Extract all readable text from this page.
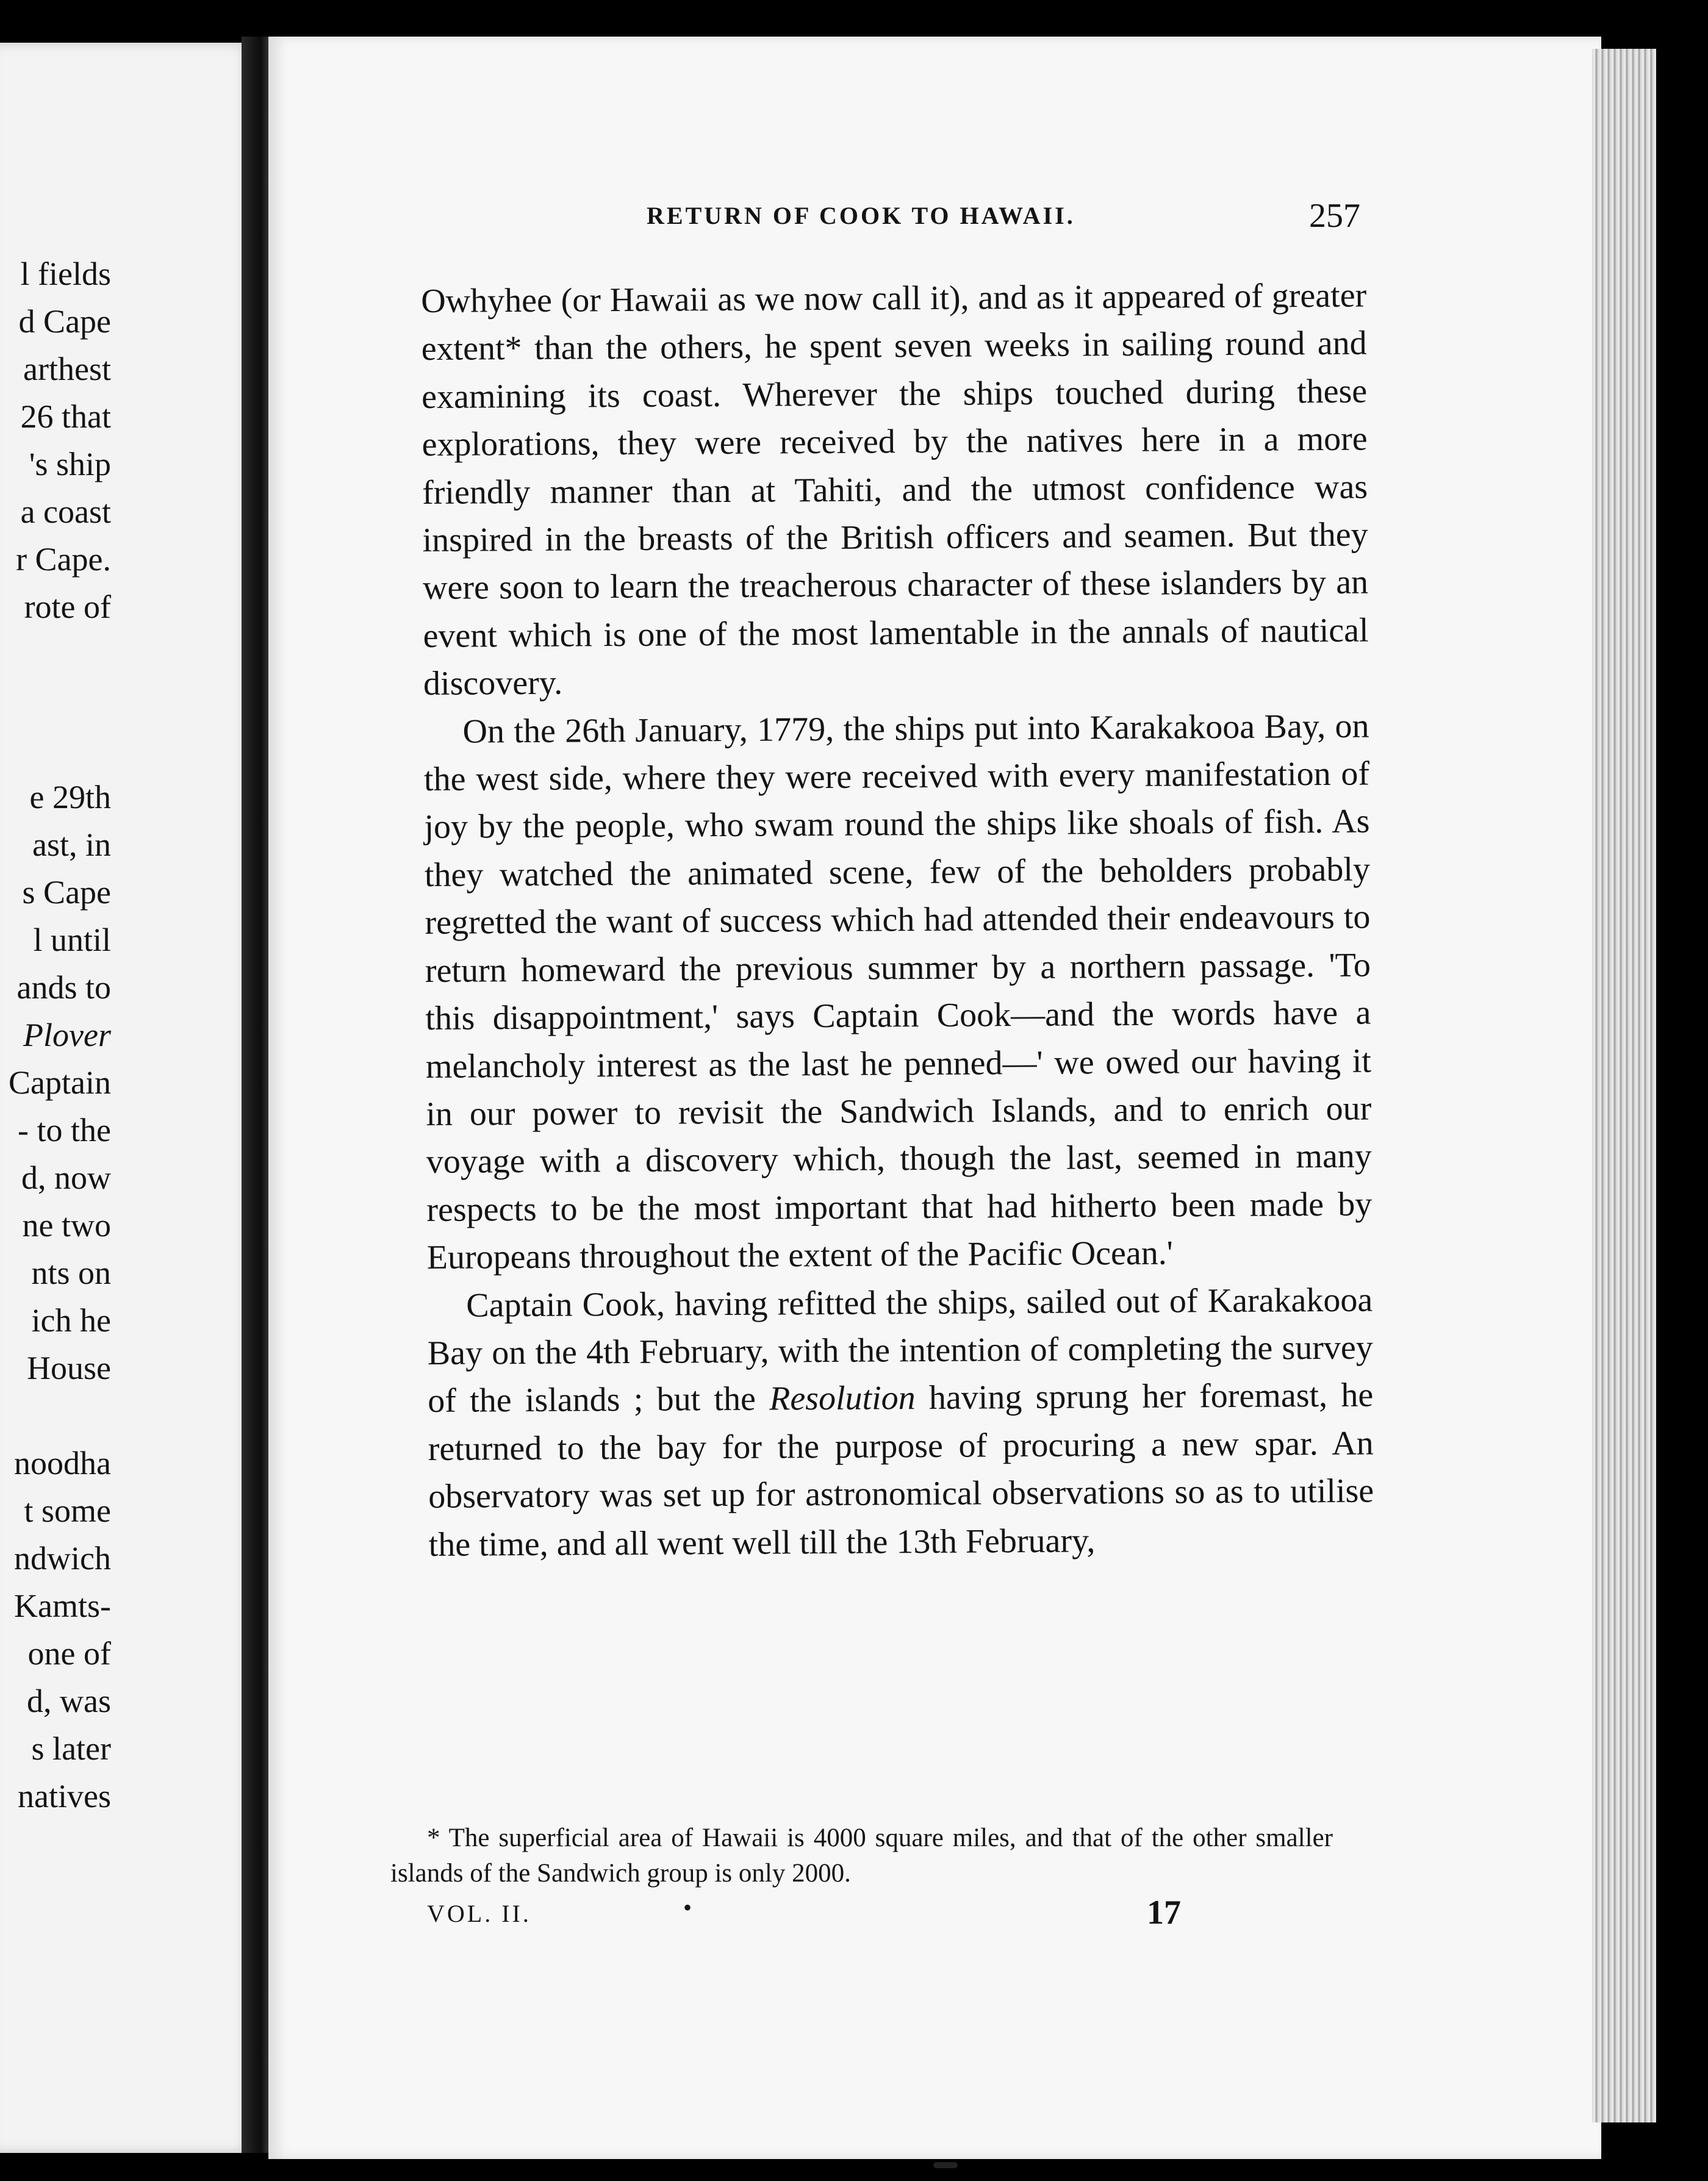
l fields
d Cape
arthest
26 that
's ship
a coast
r Cape.
rote of
e 29th
ast, in
s Cape
l until
ands to
Plover
Captain
- to the
d, now
ne two
nts on
ich he
House
noodha
t some
ndwich
Kamts-
one of
d, was
s later
natives
RETURN OF COOK TO HAWAII.	257

Owhyhee (or Hawaii as we now call it), and as it appeared of greater extent* than the others, he spent seven weeks in sailing round and examining its coast. Wherever the ships touched during these explorations, they were received by the natives here in a more friendly manner than at Tahiti, and the utmost confidence was inspired in the breasts of the British officers and seamen. But they were soon to learn the treacherous character of these islanders by an event which is one of the most lamentable in the annals of nautical discovery.

On the 26th January, 1779, the ships put into Karakakooa Bay, on the west side, where they were received with every manifestation of joy by the people, who swam round the ships like shoals of fish. As they watched the animated scene, few of the beholders probably regretted the want of success which had attended their endeavours to return homeward the previous summer by a northern passage. 'To this disappointment,' says Captain Cook—and the words have a melancholy interest as the last he penned—' we owed our having it in our power to revisit the Sandwich Islands, and to enrich our voyage with a discovery which, though the last, seemed in many respects to be the most important that had hitherto been made by Europeans throughout the extent of the Pacific Ocean.'

Captain Cook, having refitted the ships, sailed out of Karakakooa Bay on the 4th February, with the intention of completing the survey of the islands ; but the Resolution having sprung her foremast, he returned to the bay for the purpose of procuring a new spar. An observatory was set up for astronomical observations so as to utilise the time, and all went well till the 13th February,

* The superficial area of Hawaii is 4000 square miles, and that of the other smaller islands of the Sandwich group is only 2000.

VOL. II.	•	17
